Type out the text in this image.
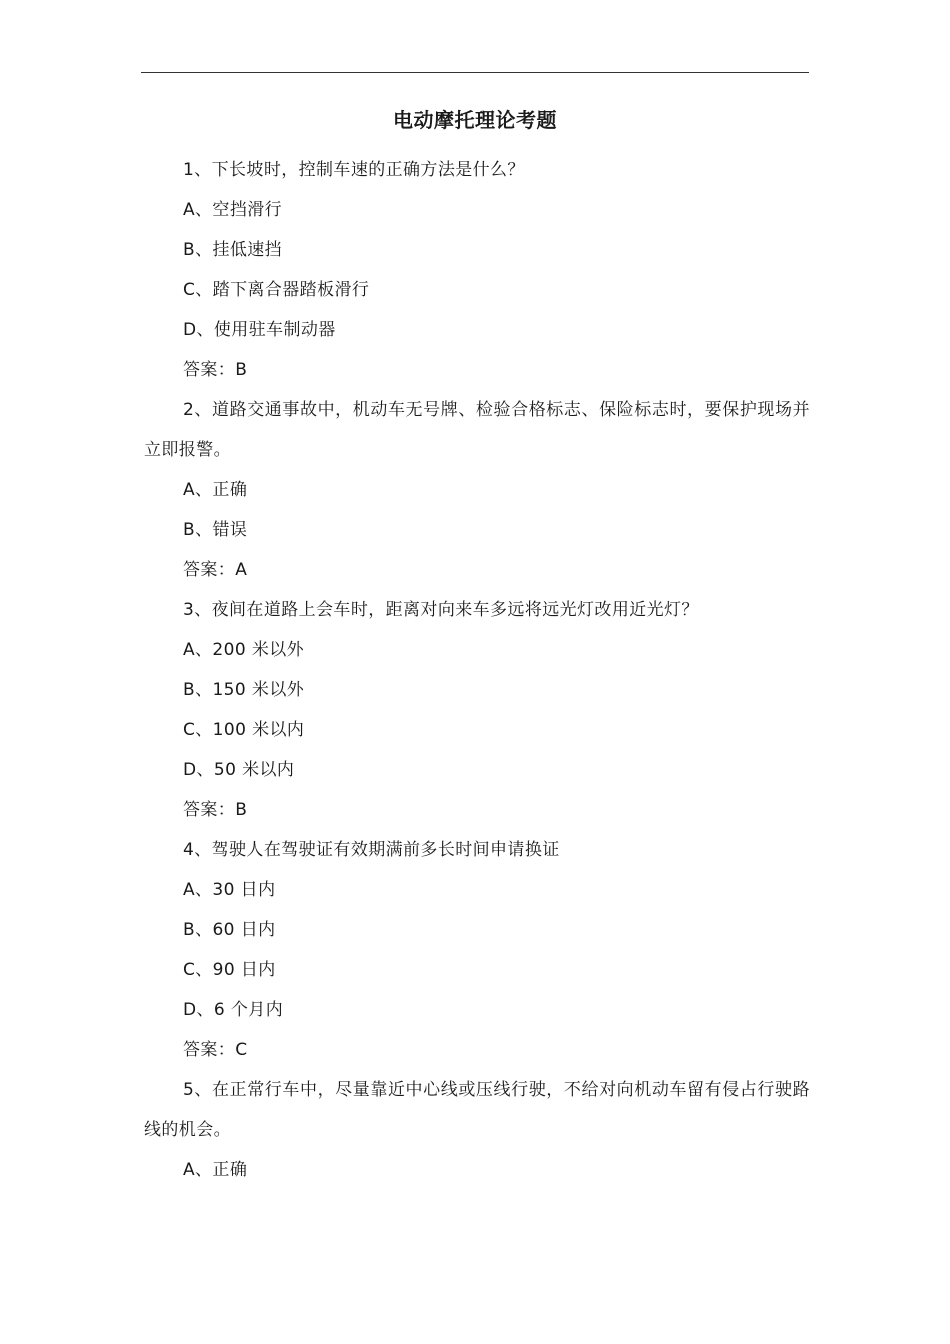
电动摩托理论考题
1、下长坡时，控制车速的正确方法是什么？
A、空挡滑行
B、挂低速挡
C、踏下离合器踏板滑行
D、使用驻车制动器
答案：B
2、道路交通事故中，机动车无号牌、检验合格标志、保险标志时，要保护现场并立即报警。
A、正确
B、错误
答案：A
3、夜间在道路上会车时，距离对向来车多远将远光灯改用近光灯？
A、200 米以外
B、150 米以外
C、100 米以内
D、50 米以内
答案：B
4、驾驶人在驾驶证有效期满前多长时间申请换证
A、30 日内
B、60 日内
C、90 日内
D、6 个月内
答案：C
5、在正常行车中，尽量靠近中心线或压线行驶，不给对向机动车留有侵占行驶路线的机会。
A、正确
